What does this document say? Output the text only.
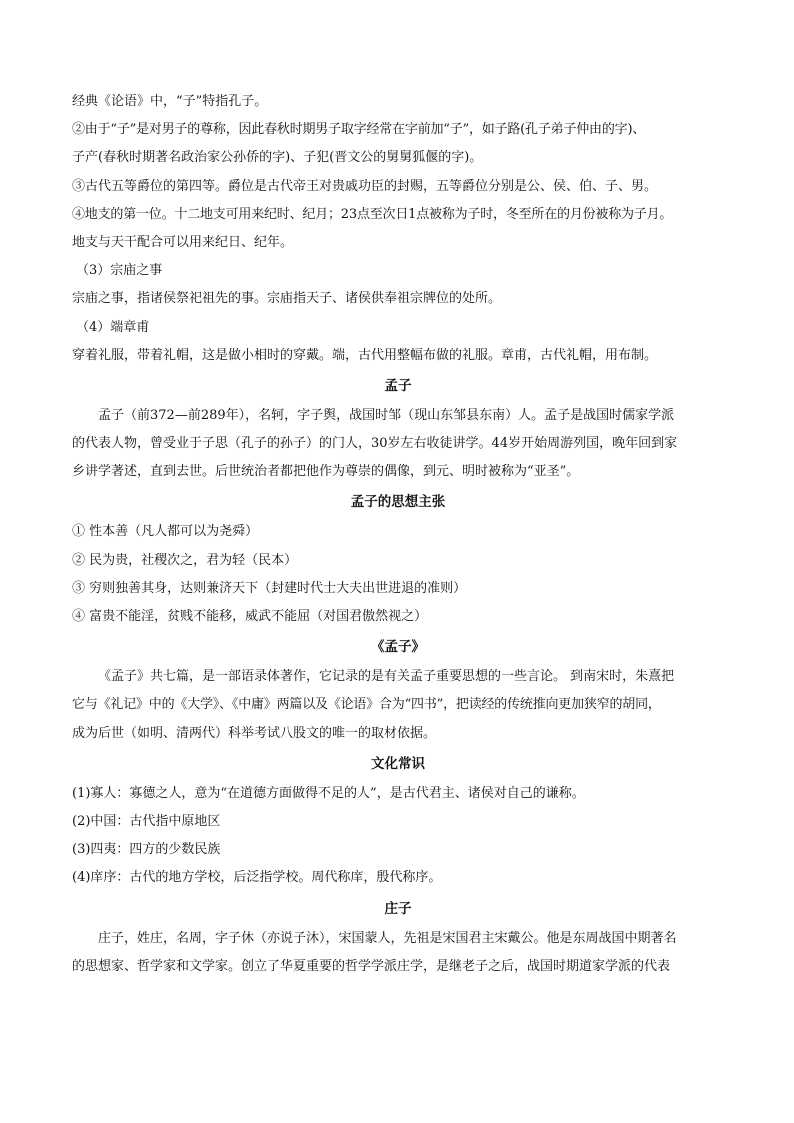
经典《论语》中，“子”特指孔子。
②由于“子”是对男子的尊称，因此春秋时期男子取字经常在字前加“子”，如子路(孔子弟子仲由的字)、
子产(春秋时期著名政治家公孙侨的字)、子犯(晋文公的舅舅狐偃的字)。
③古代五等爵位的第四等。爵位是古代帝王对贵戚功臣的封赐，五等爵位分别是公、侯、伯、子、男。
④地支的第一位。十二地支可用来纪时、纪月；23点至次日1点被称为子时，冬至所在的月份被称为子月。
地支与天干配合可以用来纪日、纪年。
（3）宗庙之事
宗庙之事，指诸侯祭祀祖先的事。宗庙指天子、诸侯供奉祖宗牌位的处所。
（4）端章甫
穿着礼服，带着礼帽，这是做小相时的穿戴。端，古代用整幅布做的礼服。章甫，古代礼帽，用布制。
孟子
孟子（前372—前289年），名轲，字子舆，战国时邹（现山东邹县东南）人。孟子是战国时儒家学派
的代表人物，曾受业于子思（孔子的孙子）的门人，30岁左右收徒讲学。44岁开始周游列国，晚年回到家
乡讲学著述，直到去世。后世统治者都把他作为尊崇的偶像，到元、明时被称为“亚圣”。
孟子的思想主张
① 性本善（凡人都可以为尧舜）
② 民为贵，社稷次之，君为轻（民本）
③ 穷则独善其身，达则兼济天下（封建时代士大夫出世进退的准则）
④ 富贵不能淫，贫贱不能移，威武不能屈（对国君傲然视之）
《孟子》
《孟子》共七篇，是一部语录体著作，它记录的是有关孟子重要思想的一些言论。 到南宋时，朱熹把
它与《礼记》中的《大学》、《中庸》两篇以及《论语》合为“四书”，把读经的传统推向更加狭窄的胡同，
成为后世（如明、清两代）科举考试八股文的唯一的取材依据。
文化常识
(1)寡人：寡德之人，意为“在道德方面做得不足的人”，是古代君主、诸侯对自己的谦称。
(2)中国：古代指中原地区
(3)四夷：四方的少数民族
(4)庠序：古代的地方学校，后泛指学校。周代称庠，殷代称序。
庄子
庄子，姓庄，名周，字子休（亦说子沐），宋国蒙人，先祖是宋国君主宋戴公。他是东周战国中期著名
的思想家、哲学家和文学家。创立了华夏重要的哲学学派庄学，是继老子之后，战国时期道家学派的代表
